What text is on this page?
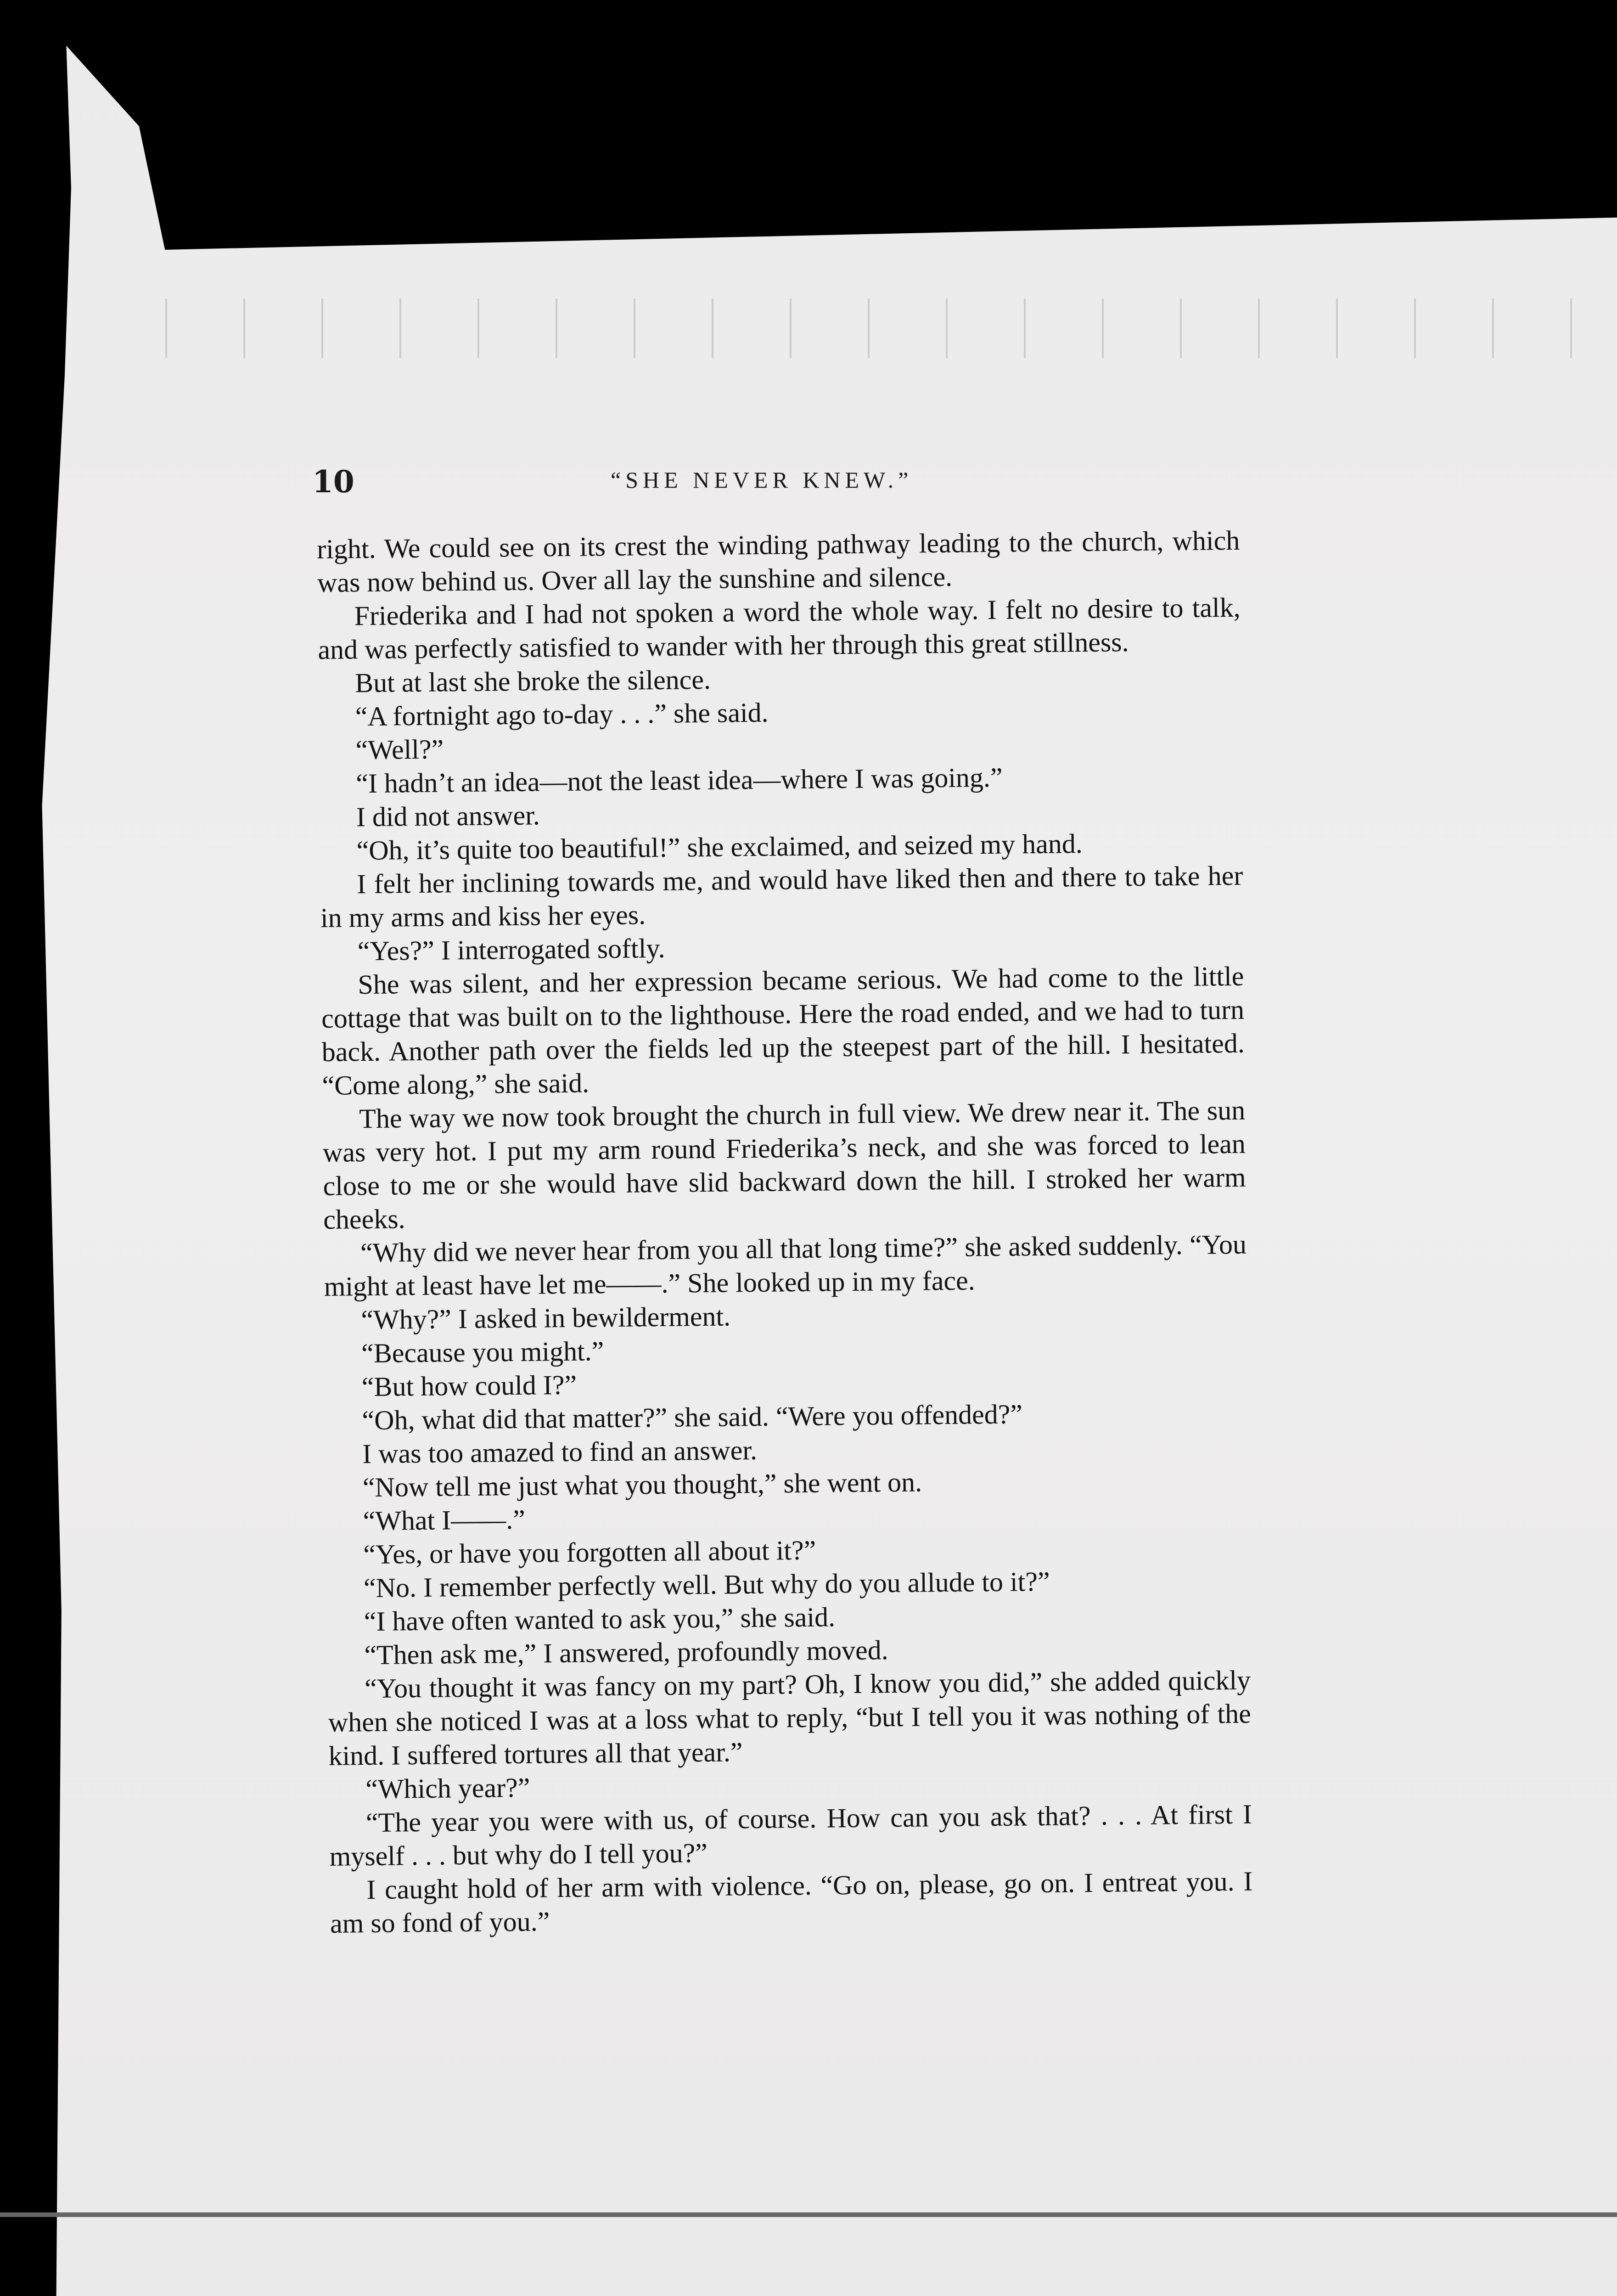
10	“SHE NEVER KNEW.”

right. We could see on its crest the winding pathway leading to the church, which was now behind us. Over all lay the sunshine and silence.

Friederika and I had not spoken a word the whole way. I felt no desire to talk, and was perfectly satisfied to wander with her through this great stillness.

But at last she broke the silence.

“A fortnight ago to-day . . .” she said.

“Well?”

“I hadn’t an idea—not the least idea—where I was going.”

I did not answer.

“Oh, it’s quite too beautiful!” she exclaimed, and seized my hand.

I felt her inclining towards me, and would have liked then and there to take her in my arms and kiss her eyes.

“Yes?” I interrogated softly.

She was silent, and her expression became serious. We had come to the little cottage that was built on to the lighthouse. Here the road ended, and we had to turn back. Another path over the fields led up the steepest part of the hill. I hesitated. “Come along,” she said.

The way we now took brought the church in full view. We drew near it. The sun was very hot. I put my arm round Friederika’s neck, and she was forced to lean close to me or she would have slid backward down the hill. I stroked her warm cheeks.

“Why did we never hear from you all that long time?” she asked suddenly. “You might at least have let me——.” She looked up in my face.

“Why?” I asked in bewilderment.

“Because you might.”

“But how could I?”

“Oh, what did that matter?” she said. “Were you offended?”

I was too amazed to find an answer.

“Now tell me just what you thought,” she went on.

“What I——.”

“Yes, or have you forgotten all about it?”

“No. I remember perfectly well. But why do you allude to it?”

“I have often wanted to ask you,” she said.

“Then ask me,” I answered, profoundly moved.

“You thought it was fancy on my part? Oh, I know you did,” she added quickly when she noticed I was at a loss what to reply, “but I tell you it was nothing of the kind. I suffered tortures all that year.”

“Which year?”

“The year you were with us, of course. How can you ask that? . . . At first I myself . . . but why do I tell you?”

I caught hold of her arm with violence. “Go on, please, go on. I entreat you. I am so fond of you.”
